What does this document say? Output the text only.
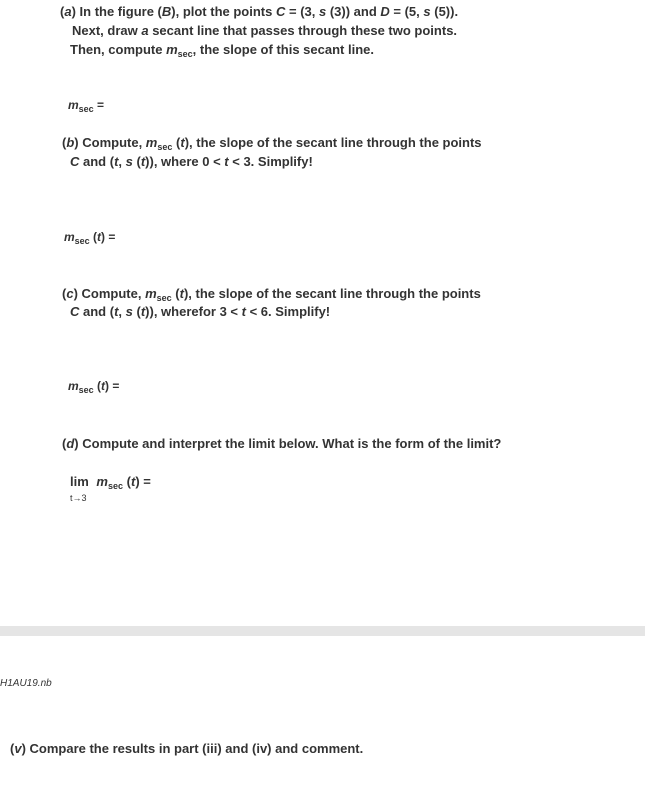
(a) In the figure (B), plot the points C = (3, s (3)) and D = (5, s (5)).
Next, draw a secant line that passes through these two points.
Then, compute $m_{sec}$, the slope of this secant line.
$m_{sec}$ =
(b) Compute, $m_{sec}$ (t), the slope of the secant line through the points
C and (t, s (t)), where 0 < t < 3. Simplify!
$m_{sec}$ (t) =
(c) Compute, $m_{sec}$ (t), the slope of the secant line through the points
C and (t, s (t)), wherefor 3 < t < 6. Simplify!
$m_{sec}$ (t) =
(d) Compute and interpret the limit below. What is the form of the limit?
lim
t→3 $m_{sec}$ (t) =
H1AU19.nb
(v) Compare the results in part (iii) and (iv) and comment.
